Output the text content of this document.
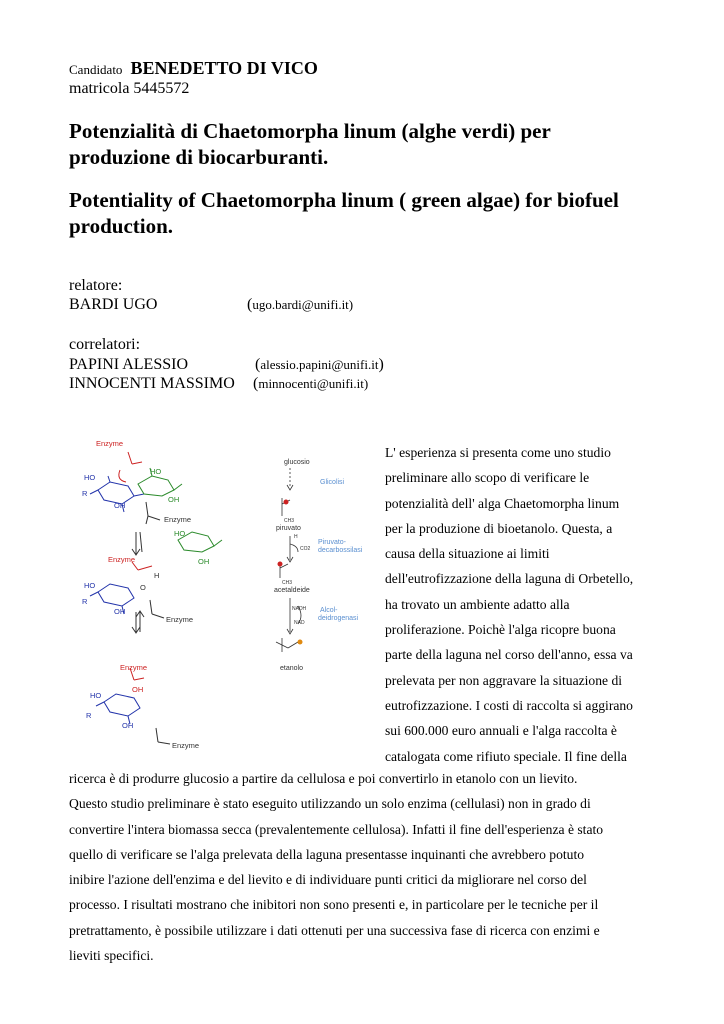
Candidato BENEDETTO DI VICO
matricola 5445572
Potenzialità di Chaetomorpha linum (alghe verdi) per
produzione di biocarburanti.
Potentiality of Chaetomorpha linum ( green algae) for biofuel
production.
relatore:
BARDI UGO	(ugo.bardi@unifi.it)
correlatori:
PAPINI ALESSIO	(alessio.papini@unifi.it)
INNOCENTI MASSIMO (minnocenti@unifi.it)
Enzyme
HO
R
OH
HO
OH
Enzyme
HO
OH
Enzyme
H
O
HO
R
OH
Enzyme
Enzyme
OH
HO
R
OH
Enzyme
glucosio
Glicolisi
piruvato
Piruvato-
decarbossilasi
acetaldeide
Alcol-
deidrogenasi
etanolo
CO2
H
NADH
NAD
CH3
CH3

L' esperienza si presenta come uno studio

preliminare allo scopo di verificare le

potenzialità dell' alga Chaetomorpha linum

per la produzione di bioetanolo. Questa, a

causa della situazione ai limiti

dell'eutrofizzazione della laguna di Orbetello,

ha trovato un ambiente adatto alla

proliferazione. Poichè l'alga ricopre buona

parte della laguna nel corso dell'anno, essa va

prelevata per non aggravare la situazione di

eutrofizzazione. I costi di raccolta si aggirano

sui 600.000 euro annuali e l'alga raccolta è

catalogata come rifiuto speciale. Il fine della

ricerca è di produrre glucosio a partire da cellulosa e poi convertirlo in etanolo con un lievito.

Questo studio preliminare è stato eseguito utilizzando un solo enzima (cellulasi) non in grado di

convertire l'intera biomassa secca (prevalentemente cellulosa). Infatti il fine dell'esperienza è stato

quello di verificare se l'alga prelevata della laguna presentasse inquinanti che avrebbero potuto

inibire l'azione dell'enzima e del lievito e di individuare punti critici da migliorare nel corso del

processo. I risultati mostrano che inibitori non sono presenti e, in particolare per le tecniche per il

pretrattamento, è possibile utilizzare i dati ottenuti per una successiva fase di ricerca con enzimi e

lieviti specifici.
